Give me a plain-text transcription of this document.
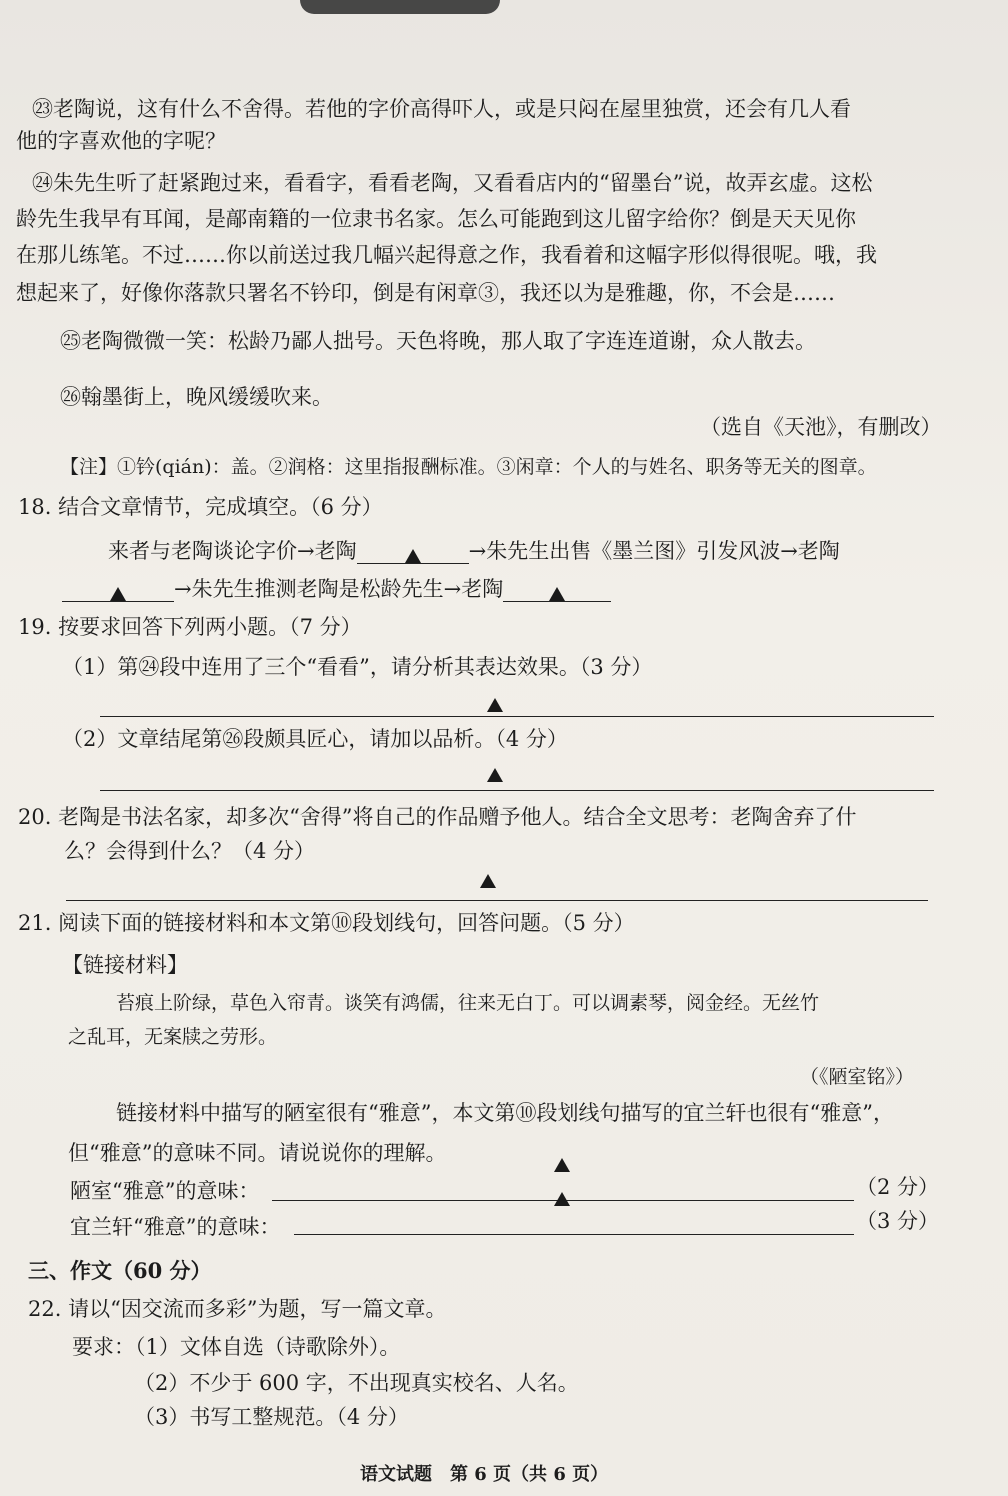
㉓老陶说，这有什么不舍得。若他的字价高得吓人，或是只闷在屋里独赏，还会有几人看
他的字喜欢他的字呢？
㉔朱先生听了赶紧跑过来，看看字，看看老陶，又看看店内的“留墨台”说，故弄玄虚。这松
龄先生我早有耳闻，是鄗南籍的一位隶书名家。怎么可能跑到这儿留字给你？倒是天天见你
在那儿练笔。不过……你以前送过我几幅兴起得意之作，我看着和这幅字形似得很呢。哦，我
想起来了，好像你落款只署名不钤印，倒是有闲章③，我还以为是雅趣，你，不会是……
㉕老陶微微一笑：松龄乃鄙人拙号。天色将晚，那人取了字连连道谢，众人散去。
㉖翰墨街上，晚风缓缓吹来。
（选自《天池》，有删改）
【注】①钤(qián)：盖。②润格：这里指报酬标准。③闲章：个人的与姓名、职务等无关的图章。
18. 结合文章情节，完成填空。（6 分）
来者与老陶谈论字价→老陶	→朱先生出售《墨兰图》引发风波→老陶
→朱先生推测老陶是松龄先生→老陶
19. 按要求回答下列两小题。（7 分）
（1）第㉔段中连用了三个“看看”，请分析其表达效果。（3 分）
（2）文章结尾第㉖段颇具匠心，请加以品析。（4 分）
20. 老陶是书法名家，却多次“舍得”将自己的作品赠予他人。结合全文思考：老陶舍弃了什
么？会得到什么？（4 分）
21. 阅读下面的链接材料和本文第⑩段划线句，回答问题。（5 分）
【链接材料】
苔痕上阶绿，草色入帘青。谈笑有鸿儒，往来无白丁。可以调素琴，阅金经。无丝竹
之乱耳，无案牍之劳形。
（《陋室铭》）
链接材料中描写的陋室很有“雅意”，本文第⑩段划线句描写的宜兰轩也很有“雅意”，
但“雅意”的意味不同。请说说你的理解。
陋室“雅意”的意味：	（2 分）
宜兰轩“雅意”的意味：	（3 分）
三、作文（60 分）
22. 请以“因交流而多彩”为题，写一篇文章。
要求：（1）文体自选（诗歌除外）。
（2）不少于 600 字，不出现真实校名、人名。
（3）书写工整规范。（4 分）
语文试题　第 6 页（共 6 页）
